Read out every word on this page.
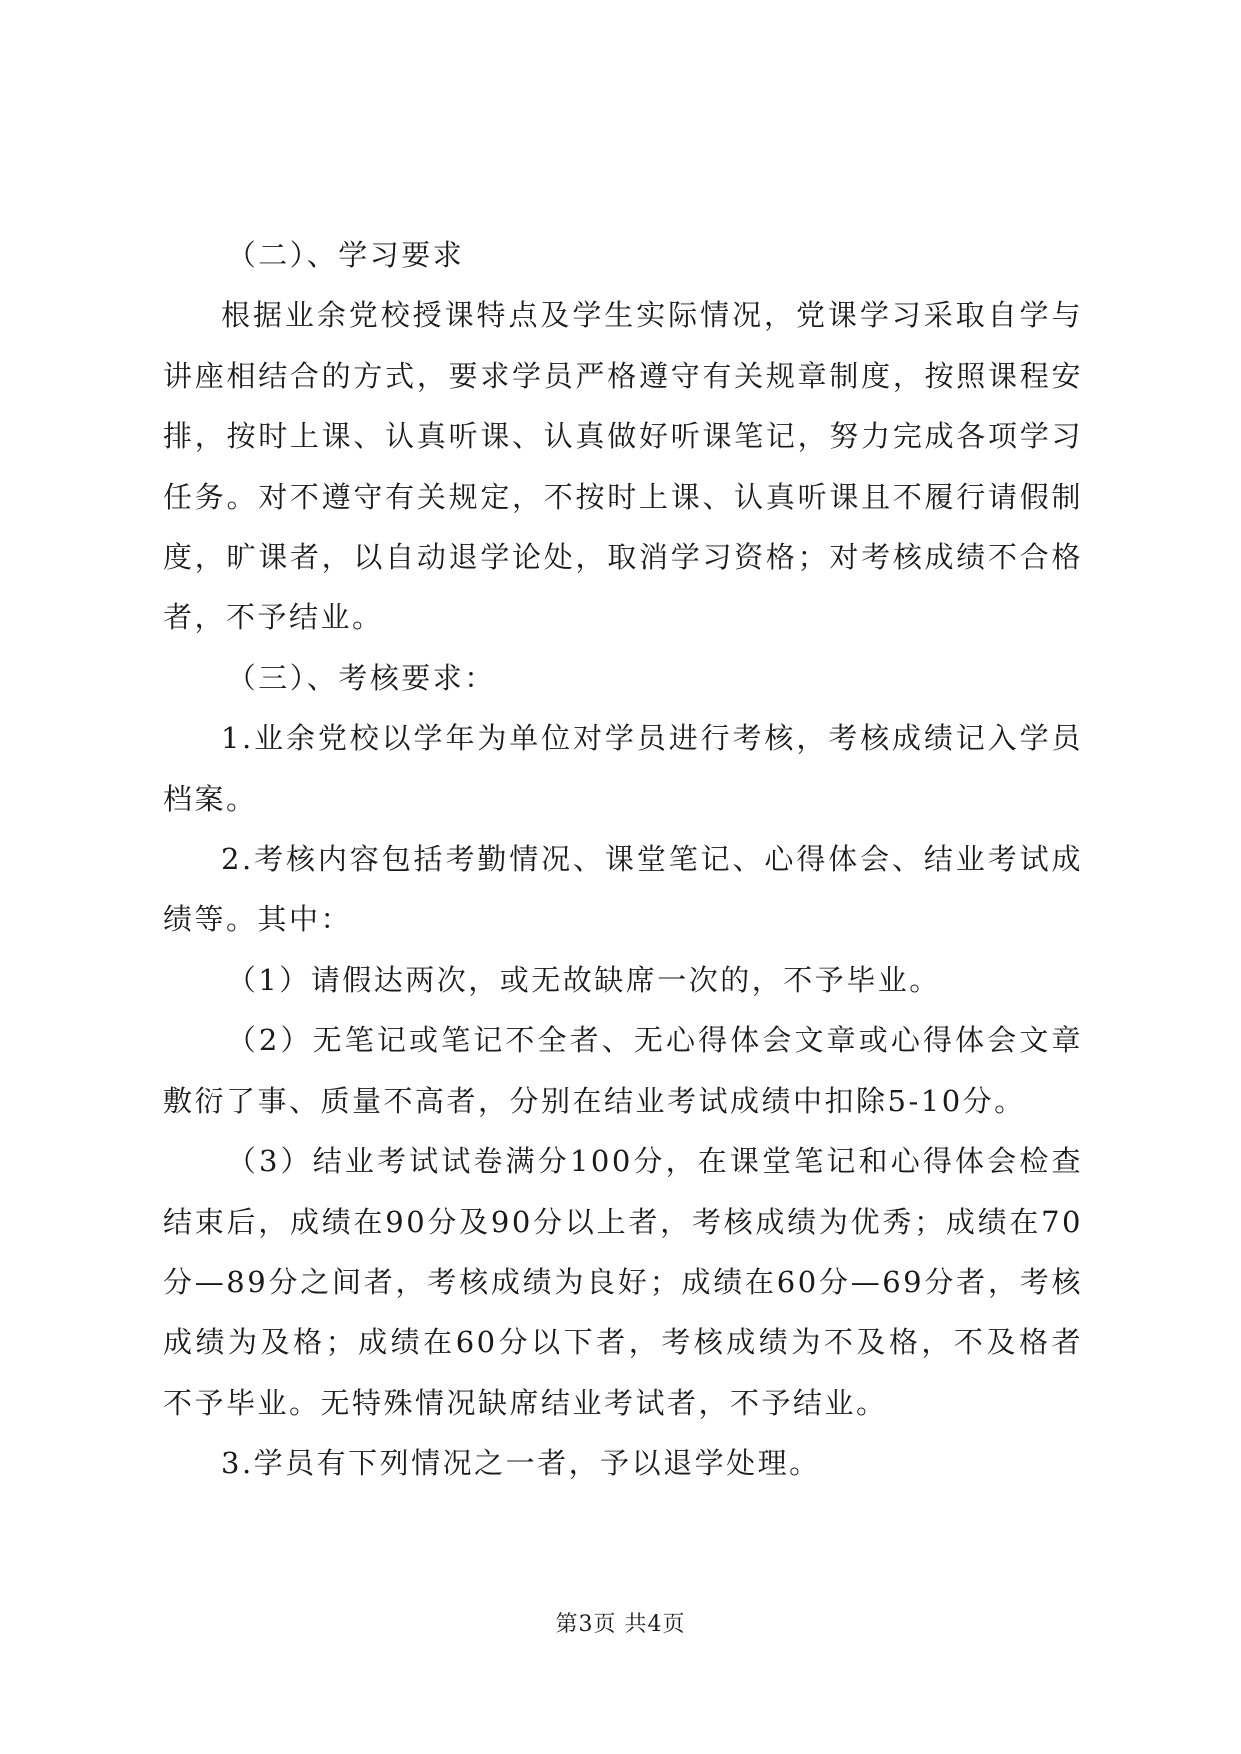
（二）、学习要求

根据业余党校授课特点及学生实际情况，党课学习采取自学与讲座相结合的方式，要求学员严格遵守有关规章制度，按照课程安排，按时上课、认真听课、认真做好听课笔记，努力完成各项学习任务。对不遵守有关规定，不按时上课、认真听课且不履行请假制度，旷课者，以自动退学论处，取消学习资格；对考核成绩不合格者，不予结业。

（三）、考核要求：

1.业余党校以学年为单位对学员进行考核，考核成绩记入学员档案。

2.考核内容包括考勤情况、课堂笔记、心得体会、结业考试成绩等。其中：

（1）请假达两次，或无故缺席一次的，不予毕业。

（2）无笔记或笔记不全者、无心得体会文章或心得体会文章敷衍了事、质量不高者，分别在结业考试成绩中扣除5-10分。

（3）结业考试试卷满分100分，在课堂笔记和心得体会检查结束后，成绩在90分及90分以上者，考核成绩为优秀；成绩在70分—89分之间者，考核成绩为良好；成绩在60分—69分者，考核成绩为及格；成绩在60分以下者，考核成绩为不及格，不及格者不予毕业。无特殊情况缺席结业考试者，不予结业。

3.学员有下列情况之一者，予以退学处理。

第3页 共4页
